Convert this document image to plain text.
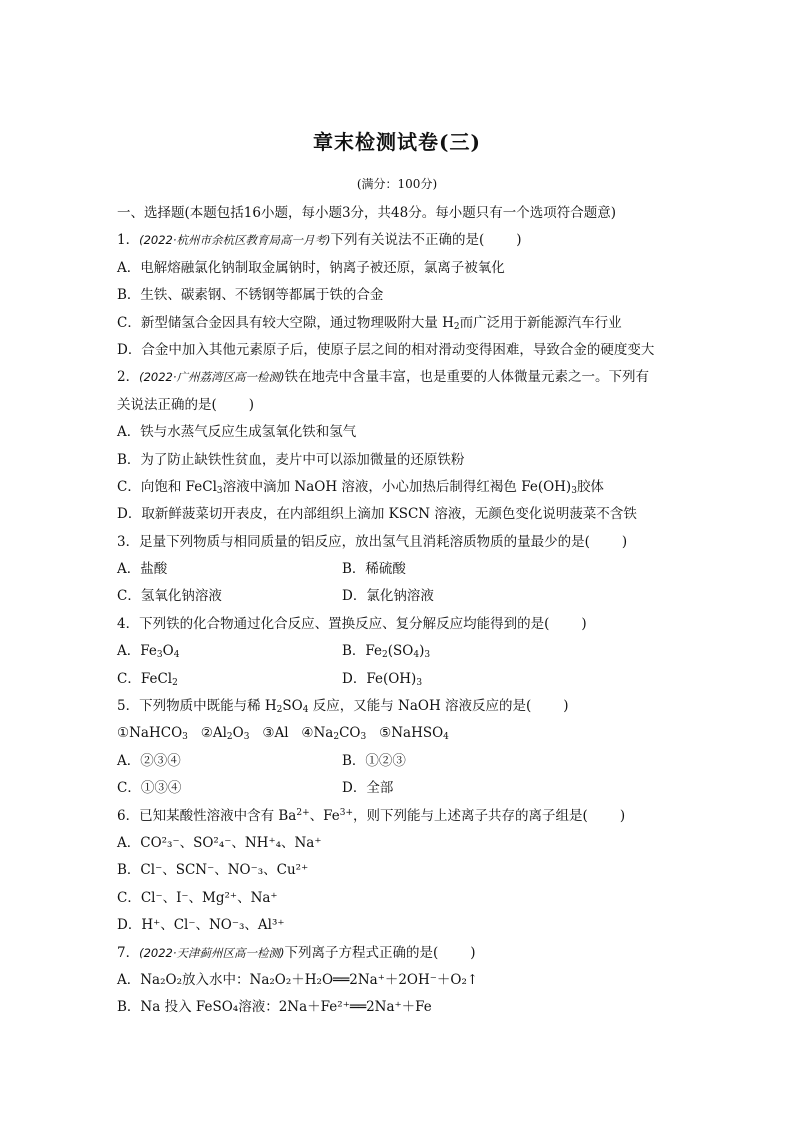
章末检测试卷(三)
(满分：100分)
一、选择题(本题包括16小题，每小题3分，共48分。每小题只有一个选项符合题意)
1．(2022·杭州市余杭区教育局高一月考)下列有关说法不正确的是( )
A．电解熔融氯化钠制取金属钠时，钠离子被还原，氯离子被氧化
B．生铁、碳素钢、不锈钢等都属于铁的合金
C．新型储氢合金因具有较大空隙，通过物理吸附大量 $H_2$而广泛用于新能源汽车行业
D．合金中加入其他元素原子后，使原子层之间的相对滑动变得困难，导致合金的硬度变大
2．(2022·广州荔湾区高一检测)铁在地壳中含量丰富，也是重要的人体微量元素之一。下列有
关说法正确的是( )
A．铁与水蒸气反应生成氢氧化铁和氢气
B．为了防止缺铁性贫血，麦片中可以添加微量的还原铁粉
C．向饱和 FeCl$_3$溶液中滴加 NaOH 溶液，小心加热后制得红褐色 $Fe(OH)_3$胶体
D．取新鲜菠菜切开表皮，在内部组织上滴加 KSCN 溶液，无颜色变化说明菠菜不含铁
3．足量下列物质与相同质量的铝反应，放出氢气且消耗溶质物质的量最少的是( )
A．盐酸	B．稀硫酸
C．氢氧化钠溶液	D．氯化钠溶液
4．下列铁的化合物通过化合反应、置换反应、复分解反应均能得到的是( )
A．$Fe_3O_4$	B．$Fe_2(SO_4)_3$
C．FeCl$_2$	D．$Fe(OH)_3$
5．下列物质中既能与稀 $H_2SO_4$ 反应，又能与 NaOH 溶液反应的是( )
①NaHCO$_3$ $②Al_2O_3$ ③Al $④Na_2CO_3$ ⑤NaHSO$_4$
A．②③④	B．①②③
C．①③④	D．全部
6．已知某酸性溶液中含有 $Ba^{2+}$、$Fe^{3+}$，则下列能与上述离子共存的离子组是( )
A．CO²₃⁻、SO²₄⁻、NH⁺₄、Na⁺
B．Cl⁻、SCN⁻、NO⁻₃、Cu²⁺
C．Cl⁻、I⁻、Mg²⁺、Na⁺
D．H⁺、Cl⁻、NO⁻₃、Al³⁺
7．(2022·天津蓟州区高一检测)下列离子方程式正确的是( )
A．Na₂O₂放入水中：Na₂O₂＋H₂O══2Na⁺＋2OH⁻＋O₂↑
B．Na 投入 FeSO₄溶液：2Na＋Fe²⁺══2Na⁺＋Fe
